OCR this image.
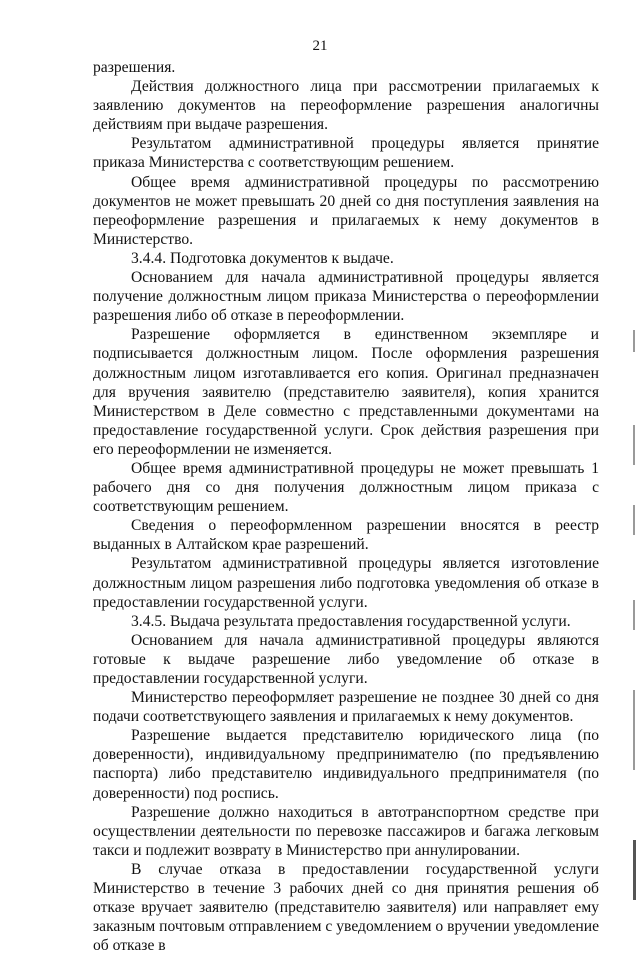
21

разрешения.

Действия должностного лица при рассмотрении прилагаемых к заявлению документов на переоформление разрешения аналогичны действиям при выдаче разрешения.

Результатом административной процедуры является принятие приказа Министерства с соответствующим решением.

Общее время административной процедуры по рассмотрению документов не может превышать 20 дней со дня поступления заявления на переоформление разрешения и прилагаемых к нему документов в Министерство.

3.4.4. Подготовка документов к выдаче.

Основанием для начала административной процедуры является получение должностным лицом приказа Министерства о переоформлении разрешения либо об отказе в переоформлении.

Разрешение оформляется в единственном экземпляре и подписывается должностным лицом. После оформления разрешения должностным лицом изготавливается его копия. Оригинал предназначен для вручения заявителю (представителю заявителя), копия хранится Министерством в Деле совместно с представленными документами на предоставление государственной услуги. Срок действия разрешения при его переоформлении не изменяется.

Общее время административной процедуры не может превышать 1 рабочего дня со дня получения должностным лицом приказа с соответствующим решением.

Сведения о переоформленном разрешении вносятся в реестр выданных в Алтайском крае разрешений.

Результатом административной процедуры является изготовление должностным лицом разрешения либо подготовка уведомления об отказе в предоставлении государственной услуги.

3.4.5. Выдача результата предоставления государственной услуги.

Основанием для начала административной процедуры являются готовые к выдаче разрешение либо уведомление об отказе в предоставлении государственной услуги.

Министерство переоформляет разрешение не позднее 30 дней со дня подачи соответствующего заявления и прилагаемых к нему документов.

Разрешение выдается представителю юридического лица (по доверенности), индивидуальному предпринимателю (по предъявлению паспорта) либо представителю индивидуального предпринимателя (по доверенности) под роспись.

Разрешение должно находиться в автотранспортном средстве при осуществлении деятельности по перевозке пассажиров и багажа легковым такси и подлежит возврату в Министерство при аннулировании.

В случае отказа в предоставлении государственной услуги Министерство в течение 3 рабочих дней со дня принятия решения об отказе вручает заявителю (представителю заявителя) или направляет ему заказным почтовым отправлением с уведомлением о вручении уведомление об отказе в
